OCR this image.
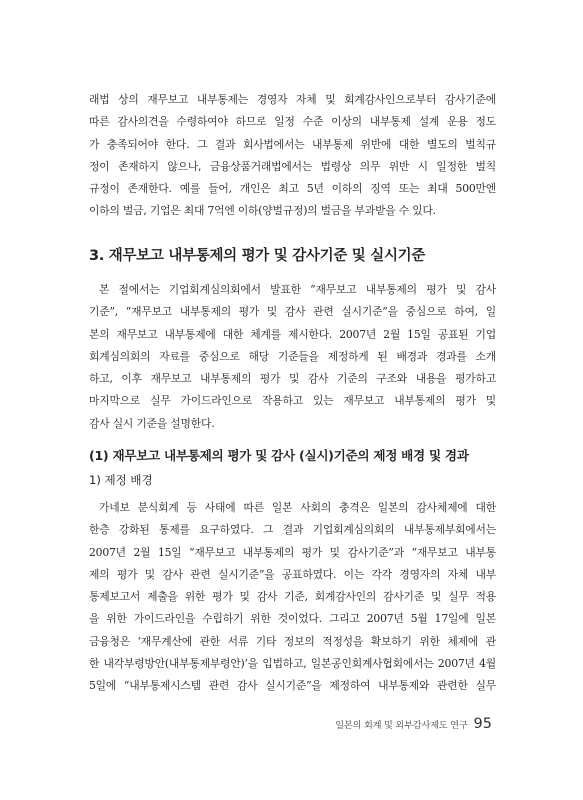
래법 상의 재무보고 내부통제는 경영자 자체 및 회계감사인으로부터 감사기준에
따른 감사의견을 수령하여야 하므로 일정 수준 이상의 내부통제 설계 운용 정도
가 충족되어야 한다. 그 결과 회사법에서는 내부통제 위반에 대한 별도의 벌칙규
정이 존재하지 않으나, 금융상품거래법에서는 법령상 의무 위반 시 일정한 벌칙
규정이 존재한다. 예를 들어, 개인은 최고 5년 이하의 징역 또는 최대 500만엔
이하의 벌금, 기업은 최대 7억엔 이하(양벌규정)의 벌금을 부과받을 수 있다.
3. 재무보고 내부통제의 평가 및 감사기준 및 실시기준
본 절에서는 기업회계심의회에서 발표한 “재무보고 내부통제의 평가 및 감사
기준”, “재무보고 내부통제의 평가 및 감사 관련 실시기준”을 중심으로 하여, 일
본의 재무보고 내부통제에 대한 체계를 제시한다. 2007년 2월 15일 공표된 기업
회계심의회의 자료를 중심으로 해당 기준들을 제정하게 된 배경과 경과를 소개
하고, 이후 재무보고 내부통제의 평가 및 감사 기준의 구조와 내용을 평가하고
마지막으로 실무 가이드라인으로 작용하고 있는 재무보고 내부통제의 평가 및
감사 실시 기준을 설명한다.
(1) 재무보고 내부통제의 평가 및 감사 (실시)기준의 제정 배경 및 경과
1) 제정 배경
가네보 분식회계 등 사태에 따른 일본 사회의 충격은 일본의 감사체제에 대한
한층 강화된 통제를 요구하였다. 그 결과 기업회계심의회의 내부통제부회에서는
2007년 2월 15일 “재무보고 내부통제의 평가 및 감사기준”과 “재무보고 내부통
제의 평가 및 감사 관련 실시기준”을 공표하였다. 이는 각각 경영자의 자체 내부
통제보고서 제출을 위한 평가 및 감사 기준, 회계감사인의 감사기준 및 실무 적용
을 위한 가이드라인을 수립하기 위한 것이었다. 그리고 2007년 5월 17일에 일본
금융청은 ‘재무계산에 관한 서류 기타 정보의 적정성을 확보하기 위한 체제에 관
한 내각부령방안(내부통제부령안)’을 입법하고, 일본공인회계사협회에서는 2007년 4월
5일에 “내부통제시스템 관련 감사 실시기준”을 제정하여 내부통제와 관련한 실무
일본의 회계 및 외부감사제도 연구 95
